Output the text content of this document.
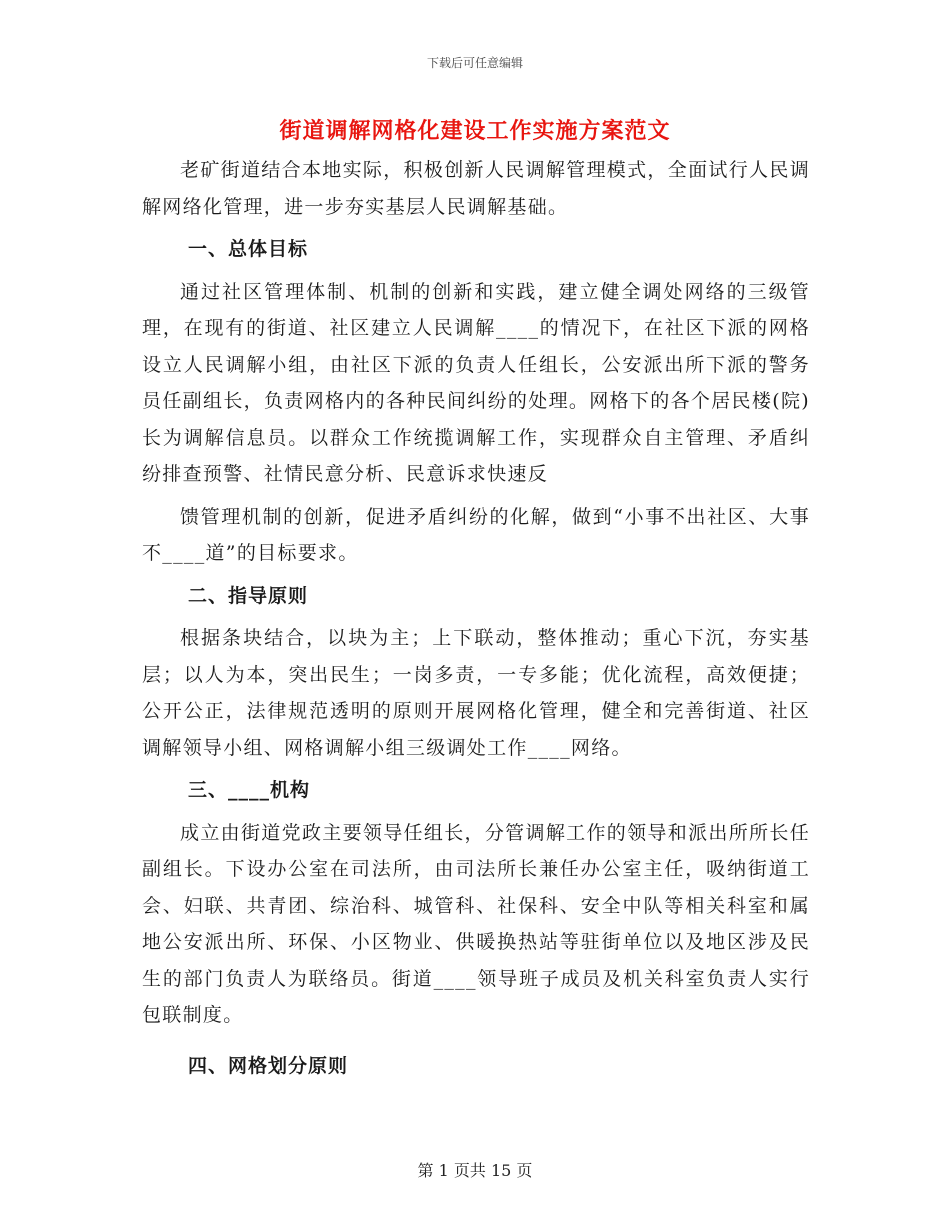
下载后可任意编辑
街道调解网格化建设工作实施方案范文

老矿街道结合本地实际，积极创新人民调解管理模式，全面试行人民调解网络化管理，进一步夯实基层人民调解基础。

一、总体目标

通过社区管理体制、机制的创新和实践，建立健全调处网络的三级管理，在现有的街道、社区建立人民调解____的情况下，在社区下派的网格设立人民调解小组，由社区下派的负责人任组长，公安派出所下派的警务员任副组长，负责网格内的各种民间纠纷的处理。网格下的各个居民楼(院)长为调解信息员。以群众工作统揽调解工作，实现群众自主管理、矛盾纠纷排查预警、社情民意分析、民意诉求快速反

馈管理机制的创新，促进矛盾纠纷的化解，做到“小事不出社区、大事不____道”的目标要求。

二、指导原则

根据条块结合，以块为主；上下联动，整体推动；重心下沉，夯实基层；以人为本，突出民生；一岗多责，一专多能；优化流程，高效便捷；公开公正，法律规范透明的原则开展网格化管理，健全和完善街道、社区调解领导小组、网格调解小组三级调处工作____网络。

三、____机构

成立由街道党政主要领导任组长，分管调解工作的领导和派出所所长任副组长。下设办公室在司法所，由司法所长兼任办公室主任，吸纳街道工会、妇联、共青团、综治科、城管科、社保科、安全中队等相关科室和属地公安派出所、环保、小区物业、供暖换热站等驻街单位以及地区涉及民生的部门负责人为联络员。街道____领导班子成员及机关科室负责人实行包联制度。

四、网格划分原则
第 1 页共 15 页
